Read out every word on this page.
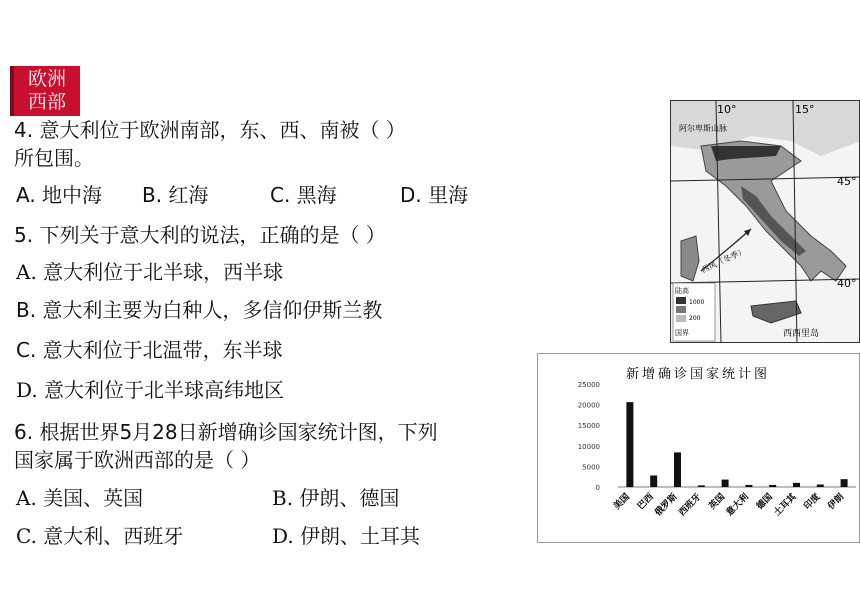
欧洲
西部
4. 意大利位于欧洲南部，东、西、南被（ ）
所包围。
A. 地中海 B. 红海	C. 黑海	D. 里海
5. 下列关于意大利的说法，正确的是（ ）
A. 意大利位于北半球，西半球
B. 意大利主要为白种人，多信仰伊斯兰教
C. 意大利位于北温带，东半球
D. 意大利位于北半球高纬地区
6. 根据世界5月28日新增确诊国家统计图，下列
国家属于欧洲西部的是（ ）
A. 美国、英国	B. 伊朗、德国
C. 意大利、西班牙	D. 伊朗、土耳其
10°	15°
45°
40°
阿尔卑斯山脉
西风（冬季）
西西里岛
陆高
1000
200
国界
新增确诊国家统计图
25000
20000
15000
10000
5000
0
美国 巴西
俄罗斯
西班牙 英国
意大利 德国
土耳其 印度 伊朗
